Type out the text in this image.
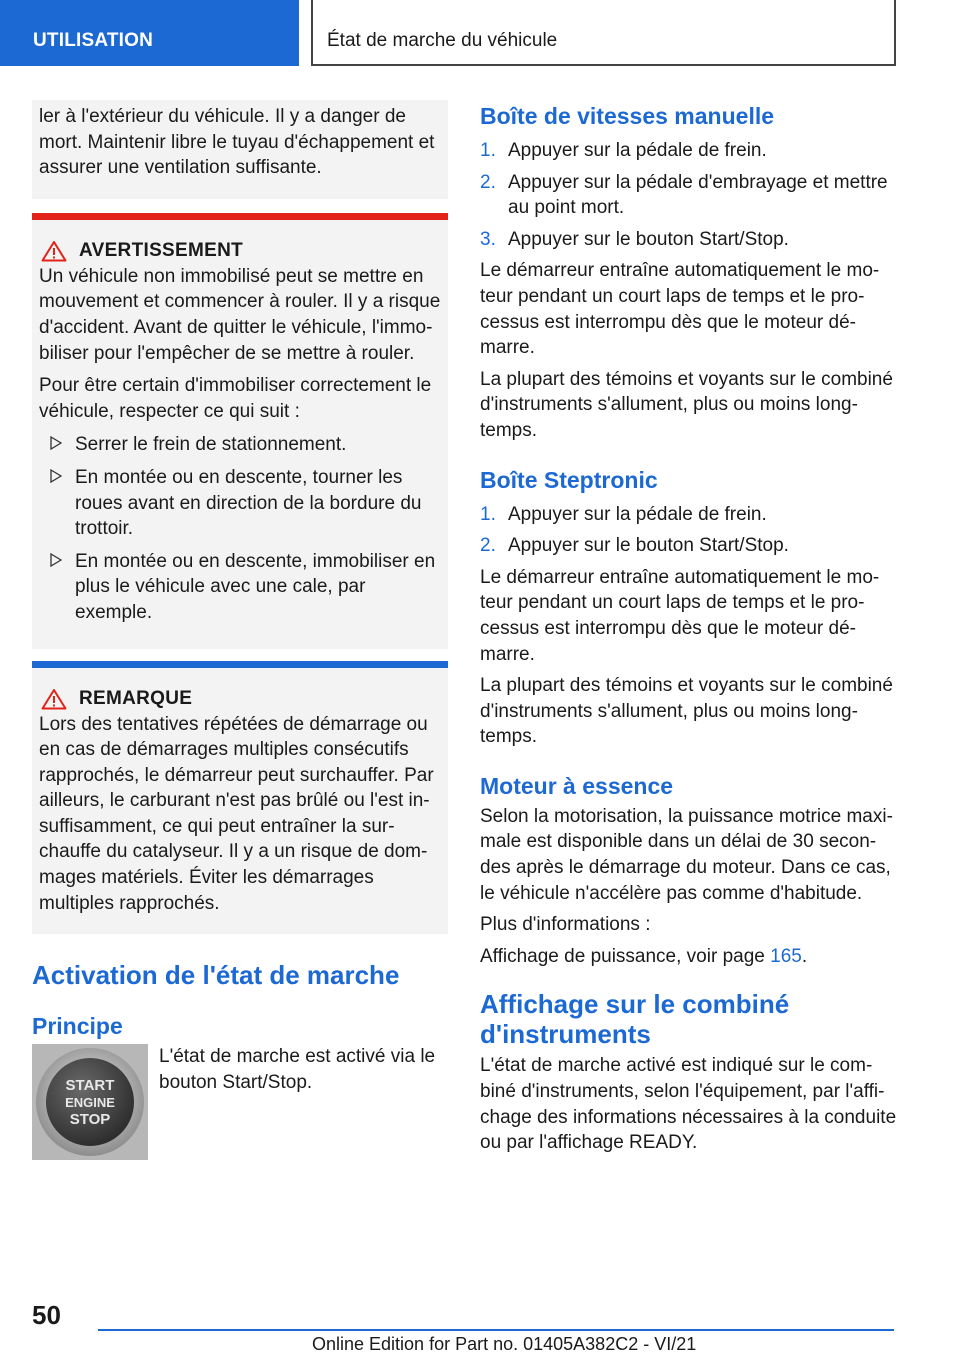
UTILISATION	État de marche du véhicule

ler à l'extérieur du véhicule. Il y a danger de mort. Maintenir libre le tuyau d'échappement et assurer une ventilation suffisante.

AVERTISSEMENT

Un véhicule non immobilisé peut se mettre en mouvement et commencer à rouler. Il y a risque d'accident. Avant de quitter le véhicule, l'immo-biliser pour l'empêcher de se mettre à rouler.

Pour être certain d'immobiliser correctement le véhicule, respecter ce qui suit :

Serrer le frein de stationnement.
En montée ou en descente, tourner les roues avant en direction de la bordure du trottoir.
En montée ou en descente, immobiliser en plus le véhicule avec une cale, par exemple.
REMARQUE

Lors des tentatives répétées de démarrage ou en cas de démarrages multiples consécutifs rapprochés, le démarreur peut surchauffer. Par ailleurs, le carburant n'est pas brûlé ou l'est in-suffisamment, ce qui peut entraîner la sur-chauffe du catalyseur. Il y a un risque de dom-mages matériels. Éviter les démarrages multiples rapprochés.

Activation de l'état de marche
Principe
START
ENGINE
STOP

L'état de marche est activé via le bouton Start/Stop.

Boîte de vitesses manuelle
1. Appuyer sur la pédale de frein.
2. Appuyer sur la pédale d'embrayage et mettre au point mort.
3. Appuyer sur le bouton Start/Stop.

Le démarreur entraîne automatiquement le mo-teur pendant un court laps de temps et le pro-cessus est interrompu dès que le moteur dé-marre.

La plupart des témoins et voyants sur le combiné d'instruments s'allument, plus ou moins long-temps.

Boîte Steptronic
1. Appuyer sur la pédale de frein.
2. Appuyer sur le bouton Start/Stop.

Le démarreur entraîne automatiquement le mo-teur pendant un court laps de temps et le pro-cessus est interrompu dès que le moteur dé-marre.

La plupart des témoins et voyants sur le combiné d'instruments s'allument, plus ou moins long-temps.

Moteur à essence

Selon la motorisation, la puissance motrice maxi-male est disponible dans un délai de 30 secon-des après le démarrage du moteur. Dans ce cas, le véhicule n'accélère pas comme d'habitude.

Plus d'informations :

Affichage de puissance, voir page 165.

Affichage sur le combiné d'instruments

L'état de marche activé est indiqué sur le com-biné d'instruments, selon l'équipement, par l'affi-chage des informations nécessaires à la conduite ou par l'affichage READY.

50
Online Edition for Part no. 01405A382C2 - VI/21
